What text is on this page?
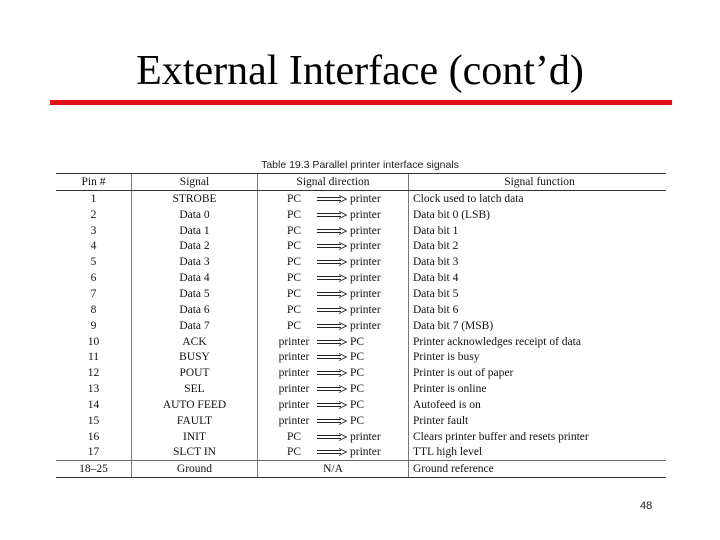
External Interface (cont’d)
Table 19.3 Parallel printer interface signals
Pin #	Signal	Signal direction	Signal function
1	STROBE	PC printer	Clock used to latch data
2	Data 0	PC printer	Data bit 0 (LSB)
3	Data 1	PC printer	Data bit 1
4	Data 2	PC printer	Data bit 2
5	Data 3	PC printer	Data bit 3
6	Data 4	PC printer	Data bit 4
7	Data 5	PC printer	Data bit 5
8	Data 6	PC printer	Data bit 6
9	Data 7	PC printer	Data bit 7 (MSB)
10	ACK	printer PC	Printer acknowledges receipt of data
11	BUSY	printer PC	Printer is busy
12	POUT	printer PC	Printer is out of paper
13	SEL	printer PC	Printer is online
14	AUTO FEED	printer PC	Autofeed is on
15	FAULT	printer PC	Printer fault
16	INIT	PC printer	Clears printer buffer and resets printer
17	SLCT IN	PC printer	TTL high level
18–25	Ground	N/A	Ground reference
48
